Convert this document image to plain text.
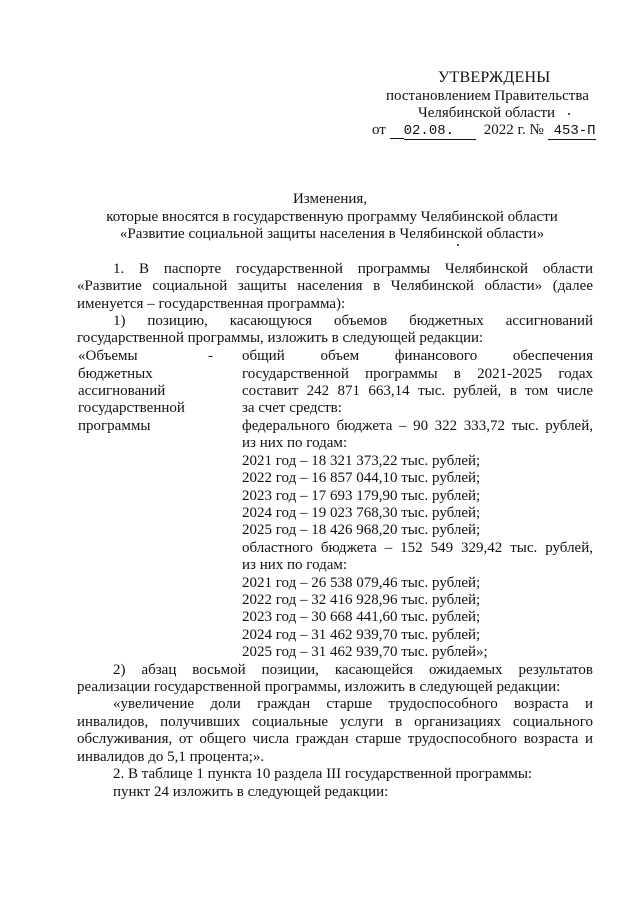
УТВЕРЖДЕНЫ
постановлением Правительства
Челябинской области
от 02.08. 2022 г. № 453-П
Изменения,
которые вносятся в государственную программу Челябинской области
«Развитие социальной защиты населения в Челябинской области»
1. В паспорте государственной программы Челябинской области
«Развитие социальной защиты населения в Челябинской области» (далее
именуется – государственная программа):
1) позицию, касающуюся объемов бюджетных ассигнований
государственной программы, изложить в следующей редакции:
«Объемы
бюджетных
ассигнований
государственной
программы
- общий объем финансового обеспечения
государственной программы в 2021-2025 годах
составит 242 871 663,14 тыс. рублей, в том числе
за счет средств:
федерального бюджета – 90 322 333,72 тыс. рублей,
из них по годам:
2021 год – 18 321 373,22 тыс. рублей;
2022 год – 16 857 044,10 тыс. рублей;
2023 год – 17 693 179,90 тыс. рублей;
2024 год – 19 023 768,30 тыс. рублей;
2025 год – 18 426 968,20 тыс. рублей;
областного бюджета – 152 549 329,42 тыс. рублей,
из них по годам:
2021 год – 26 538 079,46 тыс. рублей;
2022 год – 32 416 928,96 тыс. рублей;
2023 год – 30 668 441,60 тыс. рублей;
2024 год – 31 462 939,70 тыс. рублей;
2025 год – 31 462 939,70 тыс. рублей»;
2) абзац восьмой позиции, касающейся ожидаемых результатов
реализации государственной программы, изложить в следующей редакции:
«увеличение доли граждан старше трудоспособного возраста и
инвалидов, получивших социальные услуги в организациях социального
обслуживания, от общего числа граждан старше трудоспособного возраста и
инвалидов до 5,1 процента;».
2. В таблице 1 пункта 10 раздела III государственной программы:
пункт 24 изложить в следующей редакции:
